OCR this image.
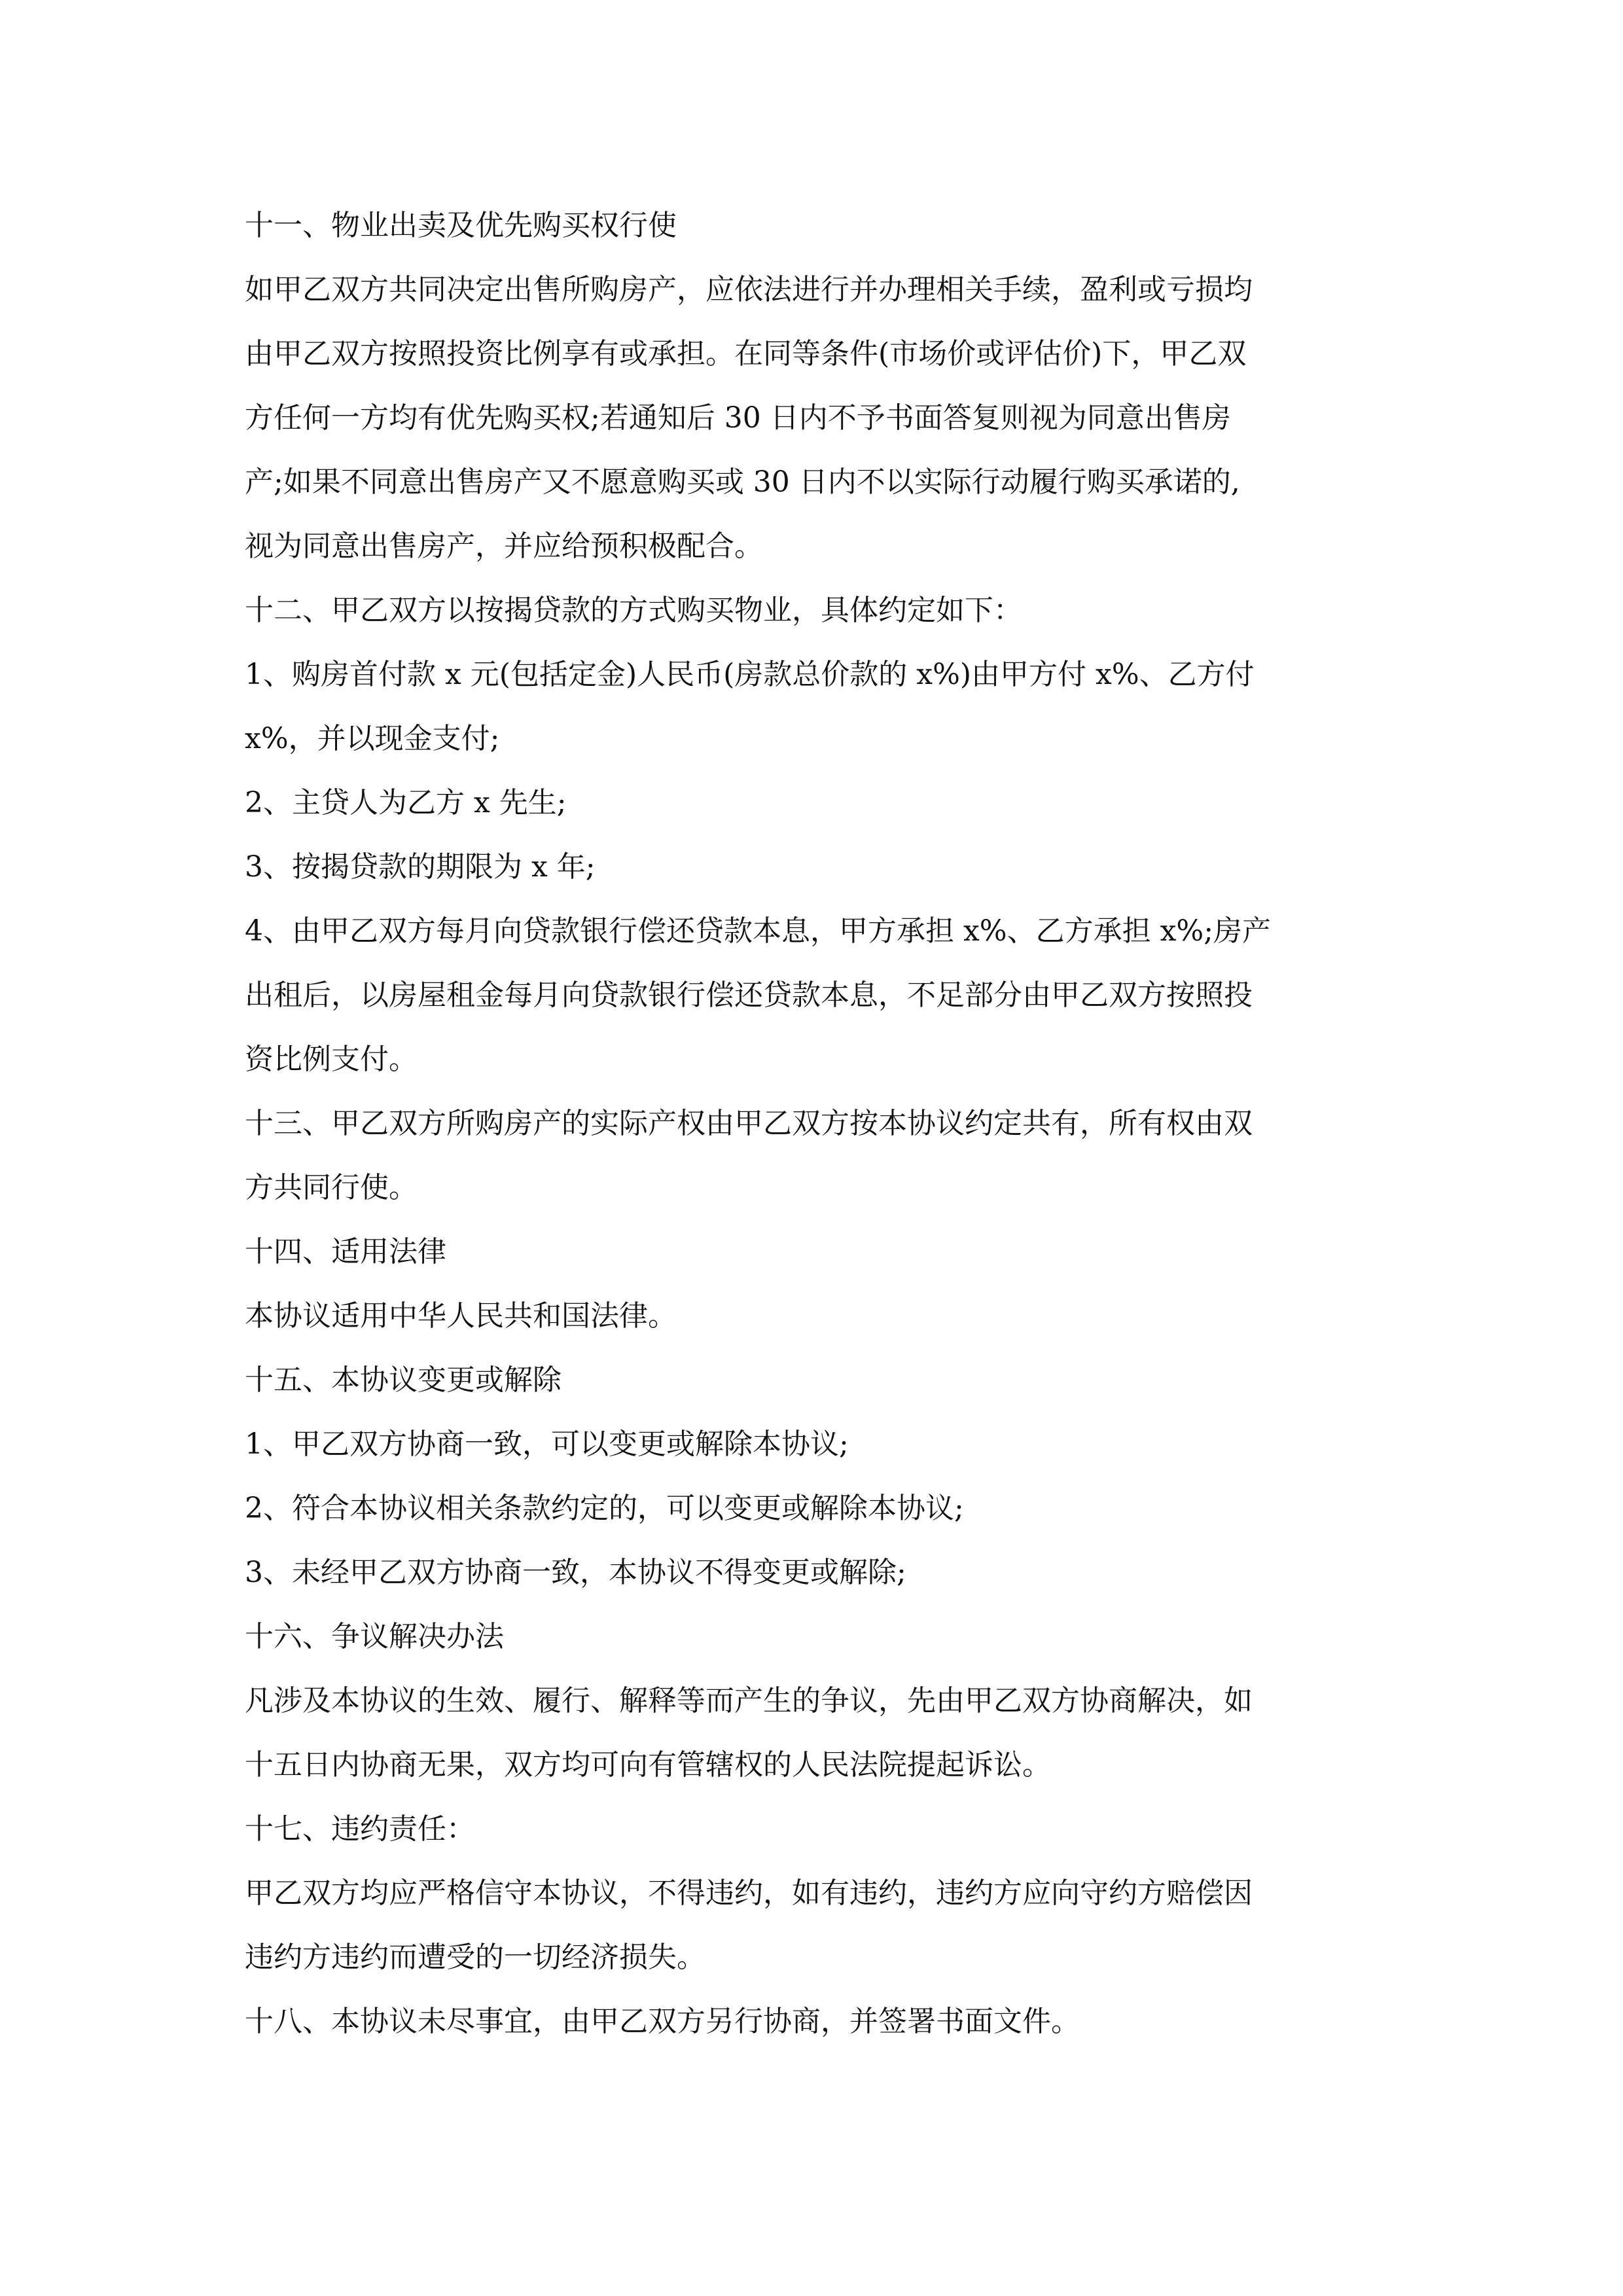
十一、物业出卖及优先购买权行使
如甲乙双方共同决定出售所购房产，应依法进行并办理相关手续，盈利或亏损均
由甲乙双方按照投资比例享有或承担。在同等条件(市场价或评估价)下，甲乙双
方任何一方均有优先购买权;若通知后 30 日内不予书面答复则视为同意出售房
产;如果不同意出售房产又不愿意购买或 30 日内不以实际行动履行购买承诺的,
视为同意出售房产，并应给预积极配合。
十二、甲乙双方以按揭贷款的方式购买物业，具体约定如下：
1、购房首付款 x 元(包括定金)人民币(房款总价款的 x%)由甲方付 x%、乙方付
x%，并以现金支付;
2、主贷人为乙方 x 先生;
3、按揭贷款的期限为 x 年;
4、由甲乙双方每月向贷款银行偿还贷款本息，甲方承担 x%、乙方承担 x%;房产
出租后，以房屋租金每月向贷款银行偿还贷款本息，不足部分由甲乙双方按照投
资比例支付。
十三、甲乙双方所购房产的实际产权由甲乙双方按本协议约定共有，所有权由双
方共同行使。
十四、适用法律
本协议适用中华人民共和国法律。
十五、本协议变更或解除
1、甲乙双方协商一致，可以变更或解除本协议;
2、符合本协议相关条款约定的，可以变更或解除本协议;
3、未经甲乙双方协商一致，本协议不得变更或解除;
十六、争议解决办法
凡涉及本协议的生效、履行、解释等而产生的争议，先由甲乙双方协商解决，如
十五日内协商无果，双方均可向有管辖权的人民法院提起诉讼。
十七、违约责任：
甲乙双方均应严格信守本协议，不得违约，如有违约，违约方应向守约方赔偿因
违约方违约而遭受的一切经济损失。
十八、本协议未尽事宜，由甲乙双方另行协商，并签署书面文件。
